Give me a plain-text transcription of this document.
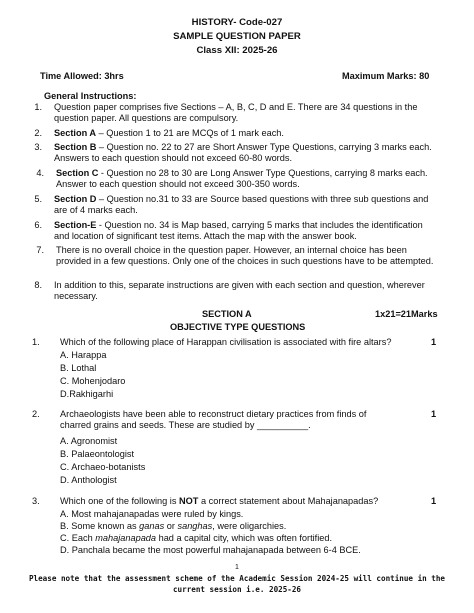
HISTORY- Code-027
SAMPLE QUESTION PAPER
Class XII: 2025-26
Time Allowed: 3hrs	Maximum Marks: 80
General Instructions:
1. Question paper comprises five Sections – A, B, C, D and E. There are 34 questions in the question paper. All questions are compulsory.
2. Section A – Question 1 to 21 are MCQs of 1 mark each.
3. Section B – Question no. 22 to 27 are Short Answer Type Questions, carrying 3 marks each. Answers to each question should not exceed 60-80 words.
4. Section C - Question no 28 to 30 are Long Answer Type Questions, carrying 8 marks each. Answer to each question should not exceed 300-350 words.
5. Section D – Question no.31 to 33 are Source based questions with three sub questions and are of 4 marks each.
6. Section-E - Question no. 34 is Map based, carrying 5 marks that includes the identification and location of significant test items. Attach the map with the answer book.
7. There is no overall choice in the question paper. However, an internal choice has been provided in a few questions. Only one of the choices in such questions have to be attempted.
8. In addition to this, separate instructions are given with each section and question, wherever necessary.
SECTION A	1x21=21Marks
OBJECTIVE TYPE QUESTIONS
1. Which of the following place of Harappan civilisation is associated with fire altars?	1
A. Harappa
B. Lothal
C. Mohenjodaro
D.Rakhigarhi
2. Archaeologists have been able to reconstruct dietary practices from finds of charred grains and seeds. These are studied by __________.
1
A. Agronomist
B. Palaeontologist
C. Archaeo-botanists
D. Anthologist
3. Which one of the following is NOT a correct statement about Mahajanapadas?	1
A. Most mahajanapadas were ruled by kings.
B. Some known as ganas or sanghas, were oligarchies.
C. Each mahajanapada had a capital city, which was often fortified.
D. Panchala became the most powerful mahajanapada between 6-4 BCE.
1
Please note that the assessment scheme of the Academic Session 2024-25 will continue in the current session i.e. 2025-26
